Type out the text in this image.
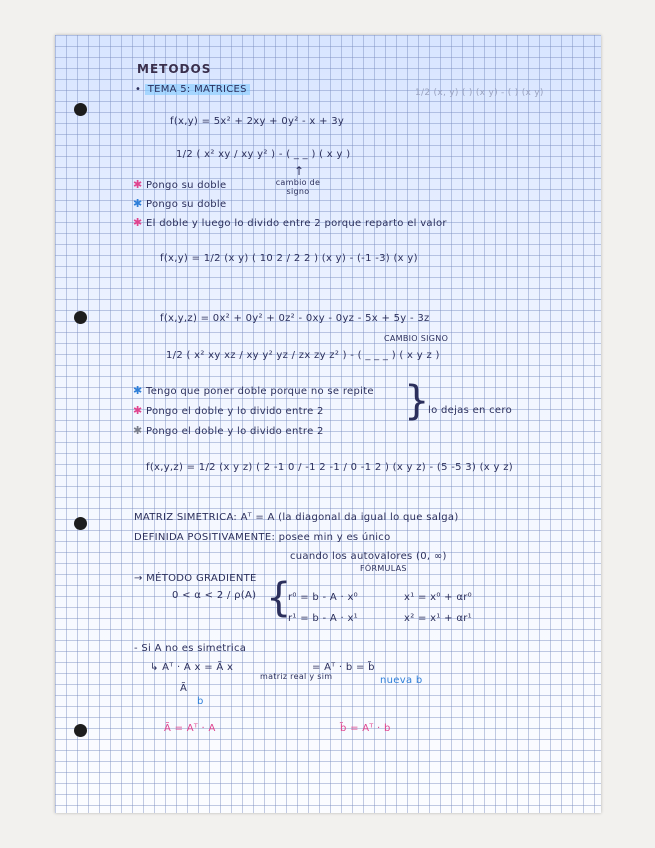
METODOS
• TEMA 5: MATRICES	1/2 (x, y) ( ) (x y) - ( ) (x y)
f(x,y) = 5x² + 2xy + 0y² - x + 3y
1/2 ( x² xy / xy y² ) - ( _ _ ) ( x y )
↑
cambio de signo
✱ Pongo su doble
✱ Pongo su doble
✱ El doble y luego lo divido entre 2 porque reparto el valor
f(x,y) = 1/2 (x y) ( 10 2 / 2 2 ) (x y) - (-1 -3) (x y)
f(x,y,z) = 0x² + 0y² + 0z² - 0xy - 0yz - 5x + 5y - 3z
CAMBIO SIGNO
1/2 ( x² xy xz / xy y² yz / zx zy z² ) - ( _ _ _ ) ( x y z )
✱ Tengo que poner doble porque no se repite
✱ Pongo el doble y lo divido entre 2
✱ Pongo el doble y lo divido entre 2
}
lo dejas en cero
f(x,y,z) = 1/2 (x y z) ( 2 -1 0 / -1 2 -1 / 0 -1 2 ) (x y z) - (5 -5 3) (x y z)
MATRIZ SIMETRICA: Aᵀ = A (la diagonal da igual lo que salga)
DEFINIDA POSITIVAMENTE: posee min y es único
cuando los autovalores (0, ∞)
FÓRMULAS
→ MÉTODO GRADIENTE
0 < α < 2 / ρ(A) {
r⁰ = b - A · x⁰
r¹ = b - A · x¹
x¹ = x⁰ + αr⁰
x² = x¹ + αr¹
- Si A no es simetrica
↳ Aᵀ · A x = Ã x
matriz real y sim
= Aᵀ · b = b̃
nueva b
Ã
b
Ã = Aᵀ · A	b̃ = Aᵀ · b
